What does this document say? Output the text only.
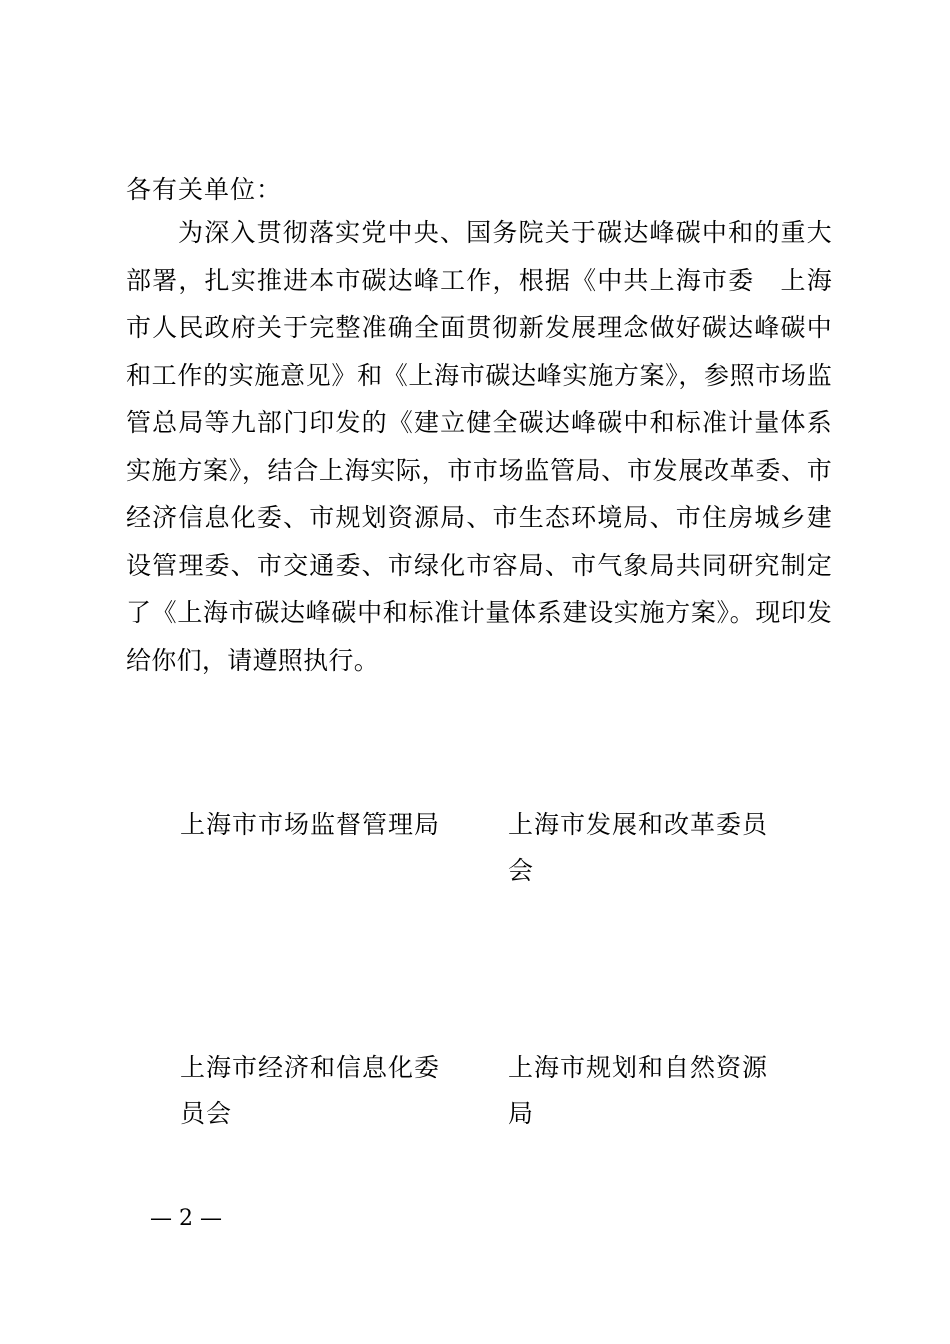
各有关单位：

为深入贯彻落实党中央、国务院关于碳达峰碳中和的重大部署，扎实推进本市碳达峰工作，根据《中共上海市委　上海市人民政府关于完整准确全面贯彻新发展理念做好碳达峰碳中和工作的实施意见》和《上海市碳达峰实施方案》，参照市场监管总局等九部门印发的《建立健全碳达峰碳中和标准计量体系实施方案》，结合上海实际，市市场监管局、市发展改革委、市经济信息化委、市规划资源局、市生态环境局、市住房城乡建设管理委、市交通委、市绿化市容局、市气象局共同研究制定了《上海市碳达峰碳中和标准计量体系建设实施方案》。现印发给你们，请遵照执行。

上海市市场监督管理局	上海市发展和改革委员会

上海市经济和信息化委员会

上海市规划和自然资源局

— 2 —
